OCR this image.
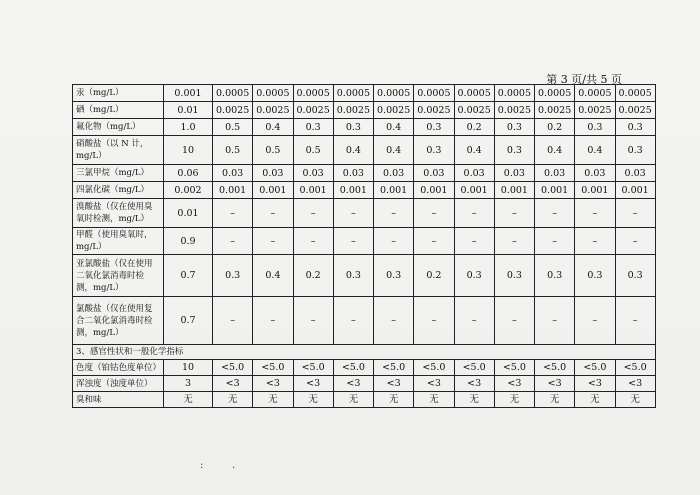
第 3 页/共 5 页
汞（mg/L）	0.001	0.0005	0.0005	0.0005	0.0005	0.0005	0.0005	0.0005	0.0005	0.0005	0.0005	0.0005
硒（mg/L）	0.01	0.0025	0.0025	0.0025	0.0025	0.0025	0.0025	0.0025	0.0025	0.0025	0.0025	0.0025
氟化物（mg/L）	1.0	0.5	0.4	0.3	0.3	0.4	0.3	0.2	0.3	0.2	0.3	0.3
硝酸盐（以 N 计，mg/L）	10	0.5	0.5	0.5	0.4	0.4	0.3	0.4	0.3	0.4	0.4	0.3
三氯甲烷（mg/L）	0.06	0.03	0.03	0.03	0.03	0.03	0.03	0.03	0.03	0.03	0.03	0.03
四氯化碳（mg/L）	0.002	0.001	0.001	0.001	0.001	0.001	0.001	0.001	0.001	0.001	0.001	0.001
溴酸盐（仅在使用臭氧时检测，mg/L）	0.01	–	–	–	–	–	–	–	–	–	–	–
甲醛（使用臭氧时，mg/L）	0.9	–	–	–	–	–	–	–	–	–	–	–
亚氯酸盐（仅在使用二氧化氯消毒时检测，mg/L）	0.7	0.3	0.4	0.2	0.3	0.3	0.2	0.3	0.3	0.3	0.3	0.3
氯酸盐（仅在使用复合二氧化氯消毒时检测，mg/L）	0.7	–	–	–	–	–	–	–	–	–	–	–
3、感官性状和一般化学指标												
色度（铂钴色度单位）	10	<5.0	<5.0	<5.0	<5.0	<5.0	<5.0	<5.0	<5.0	<5.0	<5.0	<5.0
浑浊度（浊度单位）	3	<3	<3	<3	<3	<3	<3	<3	<3	<3	<3	<3
臭和味	无	无	无	无	无	无	无	无	无	无	无	无
:         .
